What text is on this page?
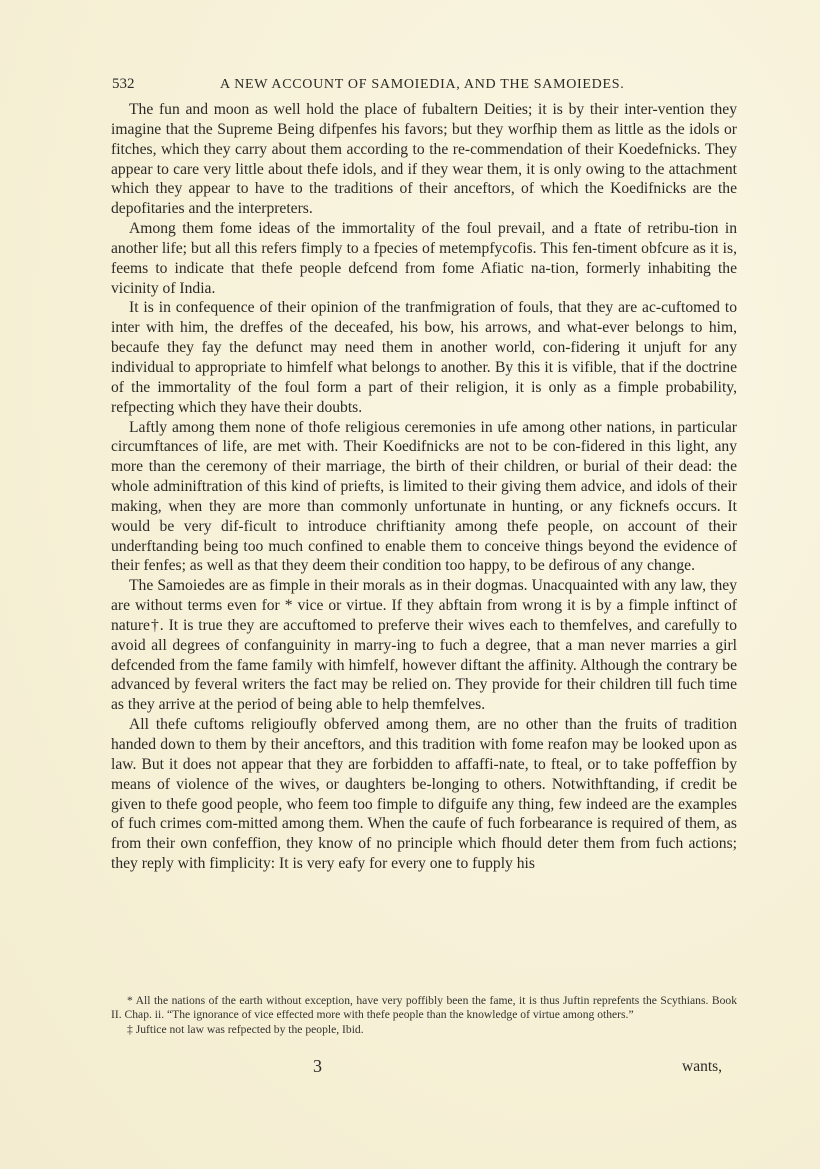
532	A NEW ACCOUNT OF SAMOIEDIA, AND THE SAMOIEDES.

The fun and moon as well hold the place of fubaltern Deities; it is by their inter-vention they imagine that the Supreme Being difpenfes his favors; but they worfhip them as little as the idols or fitches, which they carry about them according to the re-commendation of their Koedefnicks. They appear to care very little about thefe idols, and if they wear them, it is only owing to the attachment which they appear to have to the traditions of their anceftors, of which the Koedifnicks are the depofitaries and the interpreters.

Among them fome ideas of the immortality of the foul prevail, and a ftate of retribu-tion in another life; but all this refers fimply to a fpecies of metempfycofis. This fen-timent obfcure as it is, feems to indicate that thefe people defcend from fome Afiatic na-tion, formerly inhabiting the vicinity of India.

It is in confequence of their opinion of the tranfmigration of fouls, that they are ac-cuftomed to inter with him, the dreffes of the deceafed, his bow, his arrows, and what-ever belongs to him, becaufe they fay the defunct may need them in another world, con-fidering it unjuft for any individual to appropriate to himfelf what belongs to another. By this it is vifible, that if the doctrine of the immortality of the foul form a part of their religion, it is only as a fimple probability, refpecting which they have their doubts.

Laftly among them none of thofe religious ceremonies in ufe among other nations, in particular circumftances of life, are met with. Their Koedifnicks are not to be con-fidered in this light, any more than the ceremony of their marriage, the birth of their children, or burial of their dead: the whole adminiftration of this kind of priefts, is limited to their giving them advice, and idols of their making, when they are more than commonly unfortunate in hunting, or any ficknefs occurs. It would be very dif-ficult to introduce chriftianity among thefe people, on account of their underftanding being too much confined to enable them to conceive things beyond the evidence of their fenfes; as well as that they deem their condition too happy, to be defirous of any change.

The Samoiedes are as fimple in their morals as in their dogmas. Unacquainted with any law, they are without terms even for * vice or virtue. If they abftain from wrong it is by a fimple inftinct of nature†. It is true they are accuftomed to preferve their wives each to themfelves, and carefully to avoid all degrees of confanguinity in marry-ing to fuch a degree, that a man never marries a girl defcended from the fame family with himfelf, however diftant the affinity. Although the contrary be advanced by feveral writers the fact may be relied on. They provide for their children till fuch time as they arrive at the period of being able to help themfelves.

All thefe cuftoms religioufly obferved among them, are no other than the fruits of tradition handed down to them by their anceftors, and this tradition with fome reafon may be looked upon as law. But it does not appear that they are forbidden to affaffi-nate, to fteal, or to take poffeffion by means of violence of the wives, or daughters be-longing to others. Notwithftanding, if credit be given to thefe good people, who feem too fimple to difguife any thing, few indeed are the examples of fuch crimes com-mitted among them. When the caufe of fuch forbearance is required of them, as from their own confeffion, they know of no principle which fhould deter them from fuch actions; they reply with fimplicity: It is very eafy for every one to fupply his

* All the nations of the earth without exception, have very poffibly been the fame, it is thus Juftin reprefents the Scythians. Book II. Chap. ii. “The ignorance of vice effected more with thefe people than the knowledge of virtue among others.”

‡ Juftice not law was refpected by the people, Ibid.

3	wants,
